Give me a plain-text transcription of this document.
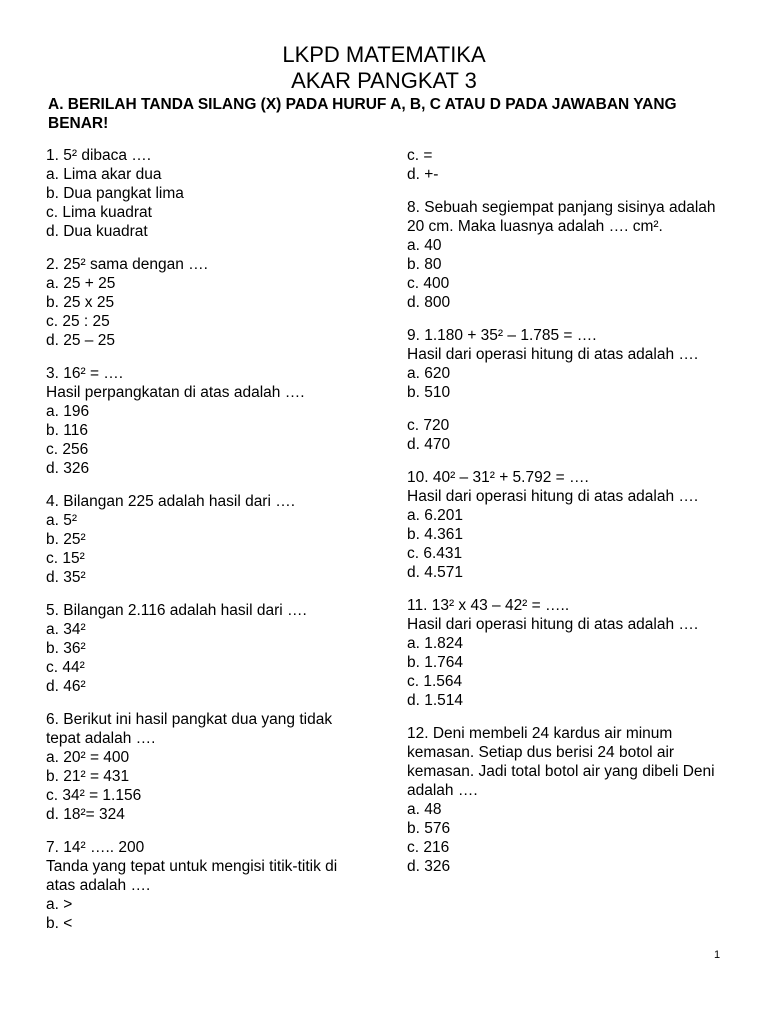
LKPD MATEMATIKA
AKAR PANGKAT 3
A. BERILAH TANDA SILANG (X) PADA HURUF A, B, C ATAU D PADA JAWABAN YANG BENAR!
1. 5² dibaca ….
a. Lima akar dua
b. Dua pangkat lima
c. Lima kuadrat
d. Dua kuadrat
2. 25² sama dengan ….
a. 25 + 25
b. 25 x 25
c. 25 : 25
d. 25 – 25
3. 16² = ….
Hasil perpangkatan di atas adalah ….
a. 196
b. 116
c. 256
d. 326
4. Bilangan 225 adalah hasil dari ….
a. 5²
b. 25²
c. 15²
d. 35²
5. Bilangan 2.116 adalah hasil dari ….
a. 34²
b. 36²
c. 44²
d. 46²
6. Berikut ini hasil pangkat dua yang tidak tepat adalah ….
a. 20² = 400
b. 21² = 431
c. 34² = 1.156
d. 18²= 324
7. 14² ….. 200
Tanda yang tepat untuk mengisi titik-titik di atas adalah ….
a. >
b. <
c. =
d. +-
8. Sebuah segiempat panjang sisinya adalah 20 cm. Maka luasnya adalah …. cm².
a. 40
b. 80
c. 400
d. 800
9. 1.180 + 35² – 1.785 = ….
Hasil dari operasi hitung di atas adalah ….
a. 620
b. 510
c. 720
d. 470
10. 40² – 31² + 5.792 = ….
Hasil dari operasi hitung di atas adalah ….
a. 6.201
b. 4.361
c. 6.431
d. 4.571
11. 13² x 43 – 42² = …..
Hasil dari operasi hitung di atas adalah ….
a. 1.824
b. 1.764
c. 1.564
d. 1.514
12. Deni membeli 24 kardus air minum kemasan. Setiap dus berisi 24 botol air kemasan. Jadi total botol air yang dibeli Deni adalah ….
a. 48
b. 576
c. 216
d. 326
1
